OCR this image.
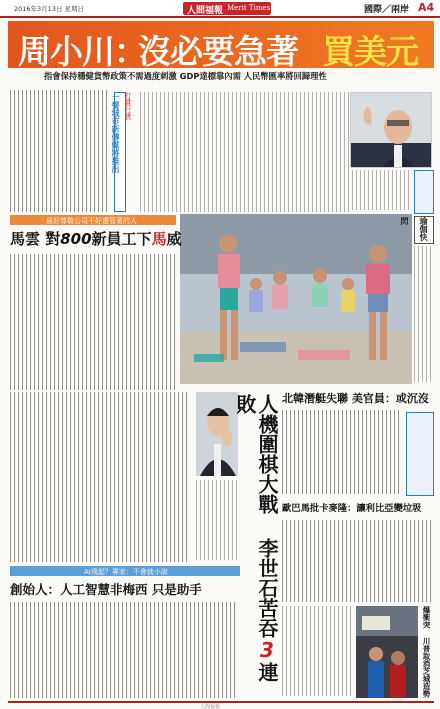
2016年3月13日 星期日	人間福報 Merit Times	國際／兩岸 A4
周小川：
沒必要急著 買美元
指會保持穩健貨幣政策不需過度刺激 GDP達標靠內需 人民幣匯率將回歸理性
一餐城市新傳媒將推出 打賞行貨
瑜伽快閃
最好尊敬公司不好遭管著的人
馬雲 對800新員工下馬威
人機圍棋大戰 李世石苦吞3連敗
AI飛起？專家：不會就小說
創始人：人工智慧非梅西 只是助手
北韓潛艇失聯 美官員：或沉沒
歐巴馬批卡麥隆：讓利比亞變垃圾
爆衝突 川普取消芝城造勢
人間福報
